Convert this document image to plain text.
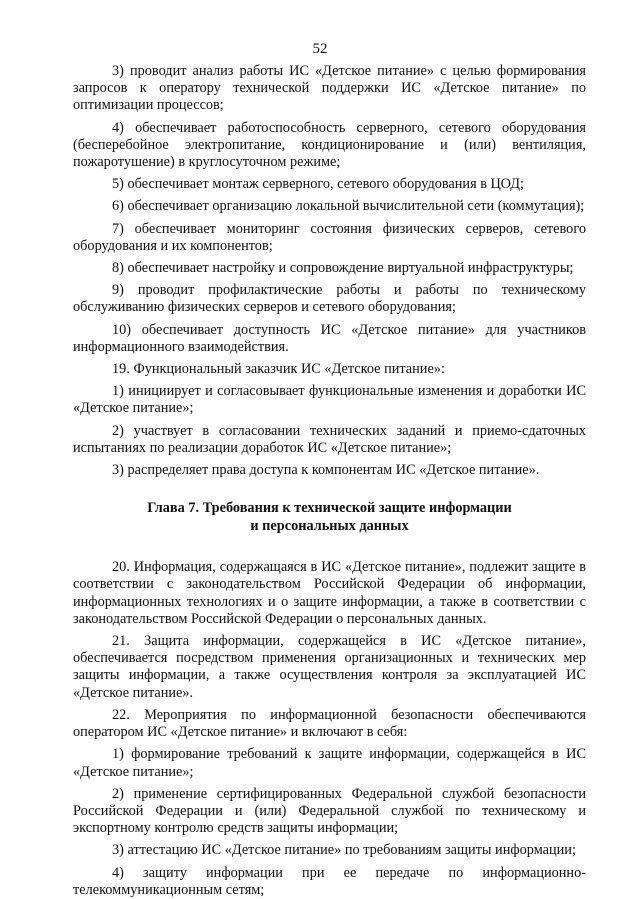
52

3) проводит анализ работы ИС «Детское питание» с целью формирования запросов к оператору технической поддержки ИС «Детское питание» по оптимизации процессов;

4) обеспечивает работоспособность серверного, сетевого оборудования (бесперебойное электропитание, кондиционирование и (или) вентиляция, пожаротушение) в круглосуточном режиме;

5) обеспечивает монтаж серверного, сетевого оборудования в ЦОД;

6) обеспечивает организацию локальной вычислительной сети (коммутация);

7) обеспечивает мониторинг состояния физических серверов, сетевого оборудования и их компонентов;

8) обеспечивает настройку и сопровождение виртуальной инфраструктуры;

9) проводит профилактические работы и работы по техническому обслуживанию физических серверов и сетевого оборудования;

10) обеспечивает доступность ИС «Детское питание» для участников информационного взаимодействия.

19. Функциональный заказчик ИС «Детское питание»:

1) инициирует и согласовывает функциональные изменения и доработки ИС «Детское питание»;

2) участвует в согласовании технических заданий и приемо-сдаточных испытаниях по реализации доработок ИС «Детское питание»;

3) распределяет права доступа к компонентам ИС «Детское питание».

Глава 7. Требования к технической защите информации
и персональных данных

20. Информация, содержащаяся в ИС «Детское питание», подлежит защите в соответствии с законодательством Российской Федерации об информации, информационных технологиях и о защите информации, а также в соответствии с законодательством Российской Федерации о персональных данных.

21. Защита информации, содержащейся в ИС «Детское питание», обеспечивается посредством применения организационных и технических мер защиты информации, а также осуществления контроля за эксплуатацией ИС «Детское питание».

22. Мероприятия по информационной безопасности обеспечиваются оператором ИС «Детское питание» и включают в себя:

1) формирование требований к защите информации, содержащейся в ИС «Детское питание»;

2) применение сертифицированных Федеральной службой безопасности Российской Федерации и (или) Федеральной службой по техническому и экспортному контролю средств защиты информации;

3) аттестацию ИС «Детское питание» по требованиям защиты информации;

4) защиту информации при ее передаче по информационно-телекоммуникационным сетям;
